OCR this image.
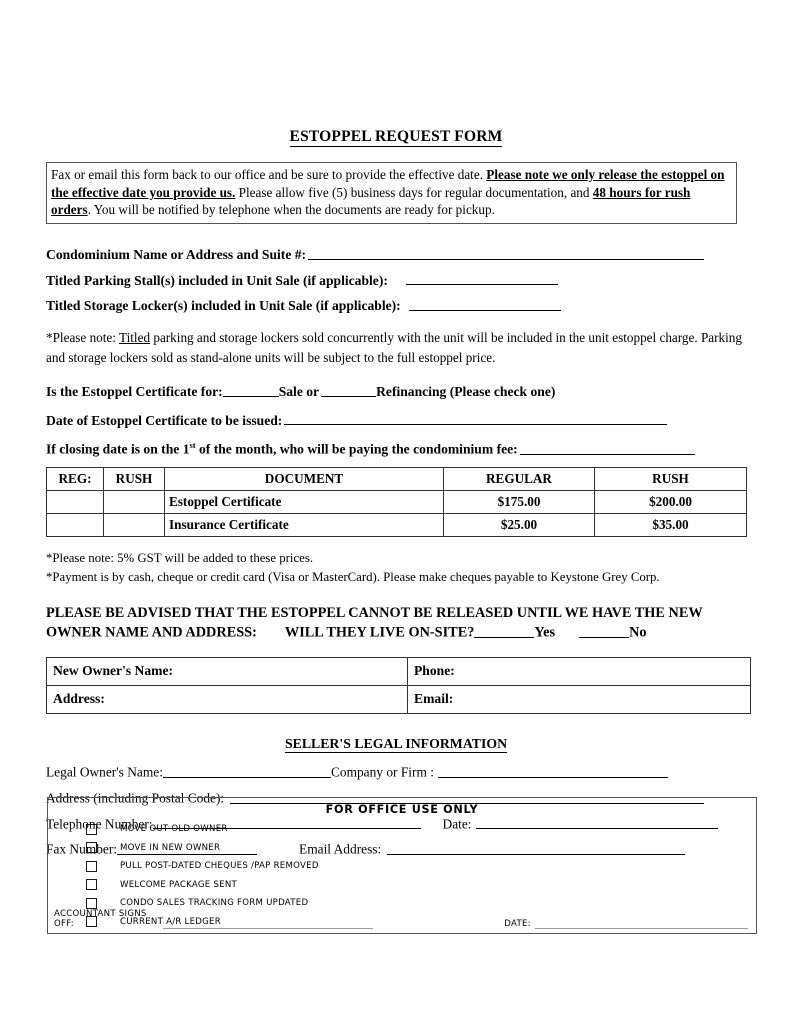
ESTOPPEL REQUEST FORM
Fax or email this form back to our office and be sure to provide the effective date. Please note we only release the estoppel on the effective date you provide us. Please allow five (5) business days for regular documentation, and 48 hours for rush orders. You will be notified by telephone when the documents are ready for pickup.
Condominium Name or Address and Suite #:
Titled Parking Stall(s) included in Unit Sale (if applicable):
Titled Storage Locker(s) included in Unit Sale (if applicable):
*Please note: Titled parking and storage lockers sold concurrently with the unit will be included in the unit estoppel charge. Parking and storage lockers sold as stand-alone units will be subject to the full estoppel price.
Is the Estoppel Certificate for:	Sale or	Refinancing (Please check one)
Date of Estoppel Certificate to be issued:
If closing date is on the 1st of the month, who will be paying the condominium fee:
REG:	RUSH	DOCUMENT	REGULAR	RUSH
		Estoppel Certificate	$175.00	$200.00
		Insurance Certificate	$25.00	$35.00

*Please note: 5% GST will be added to these prices.

*Payment is by cash, cheque or credit card (Visa or MasterCard). Please make cheques payable to Keystone Grey Corp.

PLEASE BE ADVISED THAT THE ESTOPPEL CANNOT BE RELEASED UNTIL WE HAVE THE NEW
OWNER NAME AND ADDRESS: WILL THEY LIVE ON-SITE?	Yes	No
New Owner's Name:	Phone:
Address:	Email:
SELLER'S LEGAL INFORMATION
Legal Owner's Name:	Company or Firm :
Address (including Postal Code):
Telephone Number:	Date:
Fax Number:	Email Address:
FOR OFFICE USE ONLY
MOVE OUT OLD OWNER
MOVE IN NEW OWNER
PULL POST-DATED CHEQUES /PAP REMOVED
WELCOME PACKAGE SENT
CONDO SALES TRACKING FORM UPDATED
CURRENT A/R LEDGER
ACCOUNTANT SIGNS OFF:	DATE:
